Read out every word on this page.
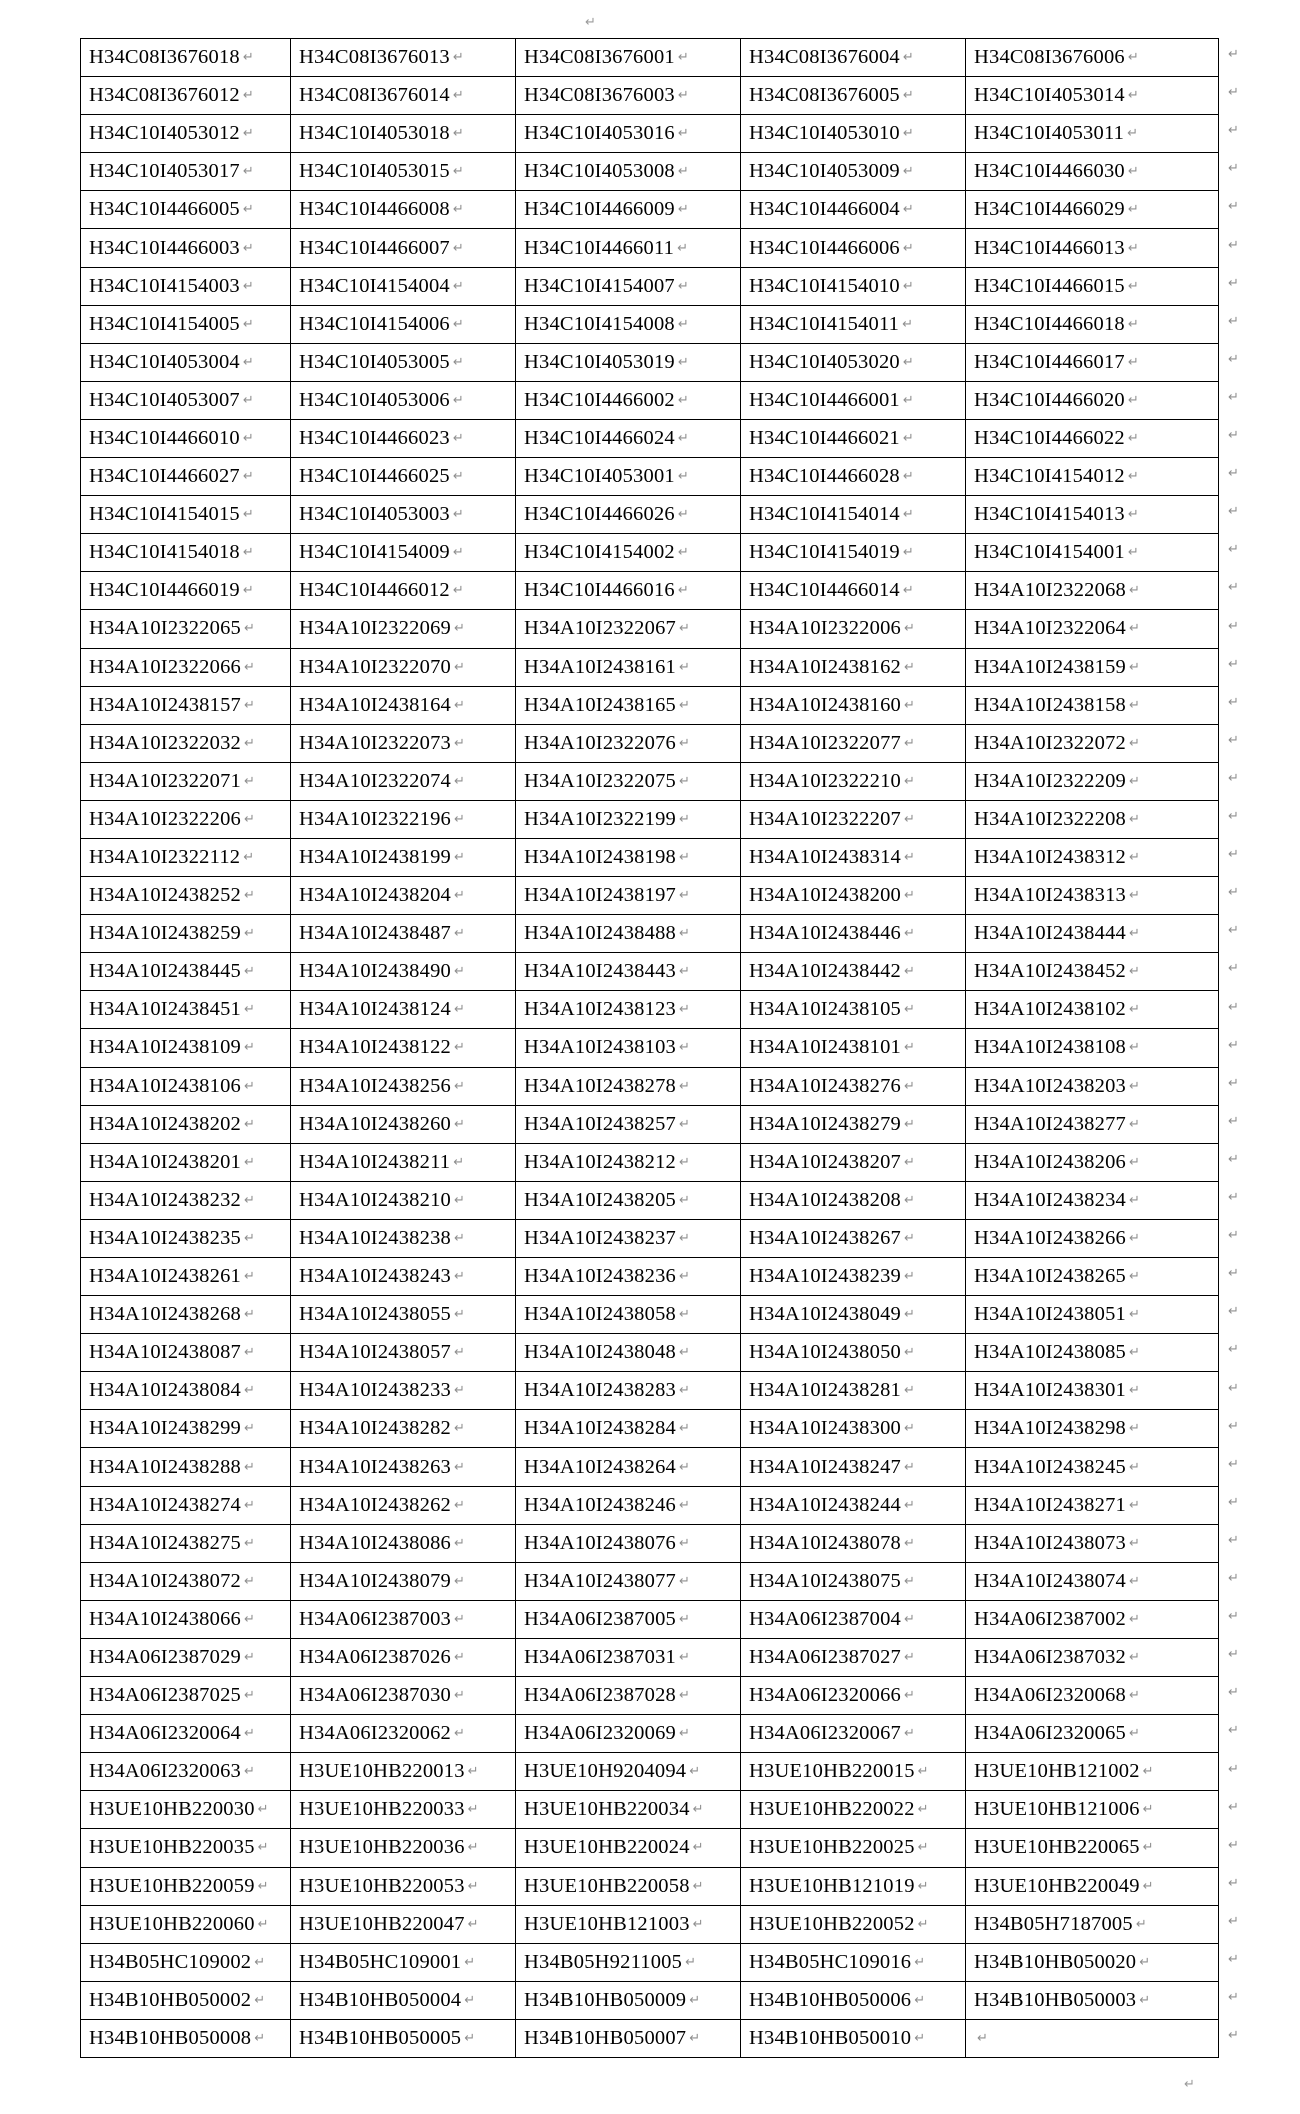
↵
H34C08I3676018 ↵	H34C08I3676013 ↵	H34C08I3676001 ↵	H34C08I3676004 ↵	H34C08I3676006 ↵
H34C08I3676012 ↵	H34C08I3676014 ↵	H34C08I3676003 ↵	H34C08I3676005 ↵	H34C10I4053014 ↵
H34C10I4053012 ↵	H34C10I4053018 ↵	H34C10I4053016 ↵	H34C10I4053010 ↵	H34C10I4053011 ↵
H34C10I4053017 ↵	H34C10I4053015 ↵	H34C10I4053008 ↵	H34C10I4053009 ↵	H34C10I4466030 ↵
H34C10I4466005 ↵	H34C10I4466008 ↵	H34C10I4466009 ↵	H34C10I4466004 ↵	H34C10I4466029 ↵
H34C10I4466003 ↵	H34C10I4466007 ↵	H34C10I4466011 ↵	H34C10I4466006 ↵	H34C10I4466013 ↵
H34C10I4154003 ↵	H34C10I4154004 ↵	H34C10I4154007 ↵	H34C10I4154010 ↵	H34C10I4466015 ↵
H34C10I4154005 ↵	H34C10I4154006 ↵	H34C10I4154008 ↵	H34C10I4154011 ↵	H34C10I4466018 ↵
H34C10I4053004 ↵	H34C10I4053005 ↵	H34C10I4053019 ↵	H34C10I4053020 ↵	H34C10I4466017 ↵
H34C10I4053007 ↵	H34C10I4053006 ↵	H34C10I4466002 ↵	H34C10I4466001 ↵	H34C10I4466020 ↵
H34C10I4466010 ↵	H34C10I4466023 ↵	H34C10I4466024 ↵	H34C10I4466021 ↵	H34C10I4466022 ↵
H34C10I4466027 ↵	H34C10I4466025 ↵	H34C10I4053001 ↵	H34C10I4466028 ↵	H34C10I4154012 ↵
H34C10I4154015 ↵	H34C10I4053003 ↵	H34C10I4466026 ↵	H34C10I4154014 ↵	H34C10I4154013 ↵
H34C10I4154018 ↵	H34C10I4154009 ↵	H34C10I4154002 ↵	H34C10I4154019 ↵	H34C10I4154001 ↵
H34C10I4466019 ↵	H34C10I4466012 ↵	H34C10I4466016 ↵	H34C10I4466014 ↵	H34A10I2322068 ↵
H34A10I2322065 ↵	H34A10I2322069 ↵	H34A10I2322067 ↵	H34A10I2322006 ↵	H34A10I2322064 ↵
H34A10I2322066 ↵	H34A10I2322070 ↵	H34A10I2438161 ↵	H34A10I2438162 ↵	H34A10I2438159 ↵
H34A10I2438157 ↵	H34A10I2438164 ↵	H34A10I2438165 ↵	H34A10I2438160 ↵	H34A10I2438158 ↵
H34A10I2322032 ↵	H34A10I2322073 ↵	H34A10I2322076 ↵	H34A10I2322077 ↵	H34A10I2322072 ↵
H34A10I2322071 ↵	H34A10I2322074 ↵	H34A10I2322075 ↵	H34A10I2322210 ↵	H34A10I2322209 ↵
H34A10I2322206 ↵	H34A10I2322196 ↵	H34A10I2322199 ↵	H34A10I2322207 ↵	H34A10I2322208 ↵
H34A10I2322112 ↵	H34A10I2438199 ↵	H34A10I2438198 ↵	H34A10I2438314 ↵	H34A10I2438312 ↵
H34A10I2438252 ↵	H34A10I2438204 ↵	H34A10I2438197 ↵	H34A10I2438200 ↵	H34A10I2438313 ↵
H34A10I2438259 ↵	H34A10I2438487 ↵	H34A10I2438488 ↵	H34A10I2438446 ↵	H34A10I2438444 ↵
H34A10I2438445 ↵	H34A10I2438490 ↵	H34A10I2438443 ↵	H34A10I2438442 ↵	H34A10I2438452 ↵
H34A10I2438451 ↵	H34A10I2438124 ↵	H34A10I2438123 ↵	H34A10I2438105 ↵	H34A10I2438102 ↵
H34A10I2438109 ↵	H34A10I2438122 ↵	H34A10I2438103 ↵	H34A10I2438101 ↵	H34A10I2438108 ↵
H34A10I2438106 ↵	H34A10I2438256 ↵	H34A10I2438278 ↵	H34A10I2438276 ↵	H34A10I2438203 ↵
H34A10I2438202 ↵	H34A10I2438260 ↵	H34A10I2438257 ↵	H34A10I2438279 ↵	H34A10I2438277 ↵
H34A10I2438201 ↵	H34A10I2438211 ↵	H34A10I2438212 ↵	H34A10I2438207 ↵	H34A10I2438206 ↵
H34A10I2438232 ↵	H34A10I2438210 ↵	H34A10I2438205 ↵	H34A10I2438208 ↵	H34A10I2438234 ↵
H34A10I2438235 ↵	H34A10I2438238 ↵	H34A10I2438237 ↵	H34A10I2438267 ↵	H34A10I2438266 ↵
H34A10I2438261 ↵	H34A10I2438243 ↵	H34A10I2438236 ↵	H34A10I2438239 ↵	H34A10I2438265 ↵
H34A10I2438268 ↵	H34A10I2438055 ↵	H34A10I2438058 ↵	H34A10I2438049 ↵	H34A10I2438051 ↵
H34A10I2438087 ↵	H34A10I2438057 ↵	H34A10I2438048 ↵	H34A10I2438050 ↵	H34A10I2438085 ↵
H34A10I2438084 ↵	H34A10I2438233 ↵	H34A10I2438283 ↵	H34A10I2438281 ↵	H34A10I2438301 ↵
H34A10I2438299 ↵	H34A10I2438282 ↵	H34A10I2438284 ↵	H34A10I2438300 ↵	H34A10I2438298 ↵
H34A10I2438288 ↵	H34A10I2438263 ↵	H34A10I2438264 ↵	H34A10I2438247 ↵	H34A10I2438245 ↵
H34A10I2438274 ↵	H34A10I2438262 ↵	H34A10I2438246 ↵	H34A10I2438244 ↵	H34A10I2438271 ↵
H34A10I2438275 ↵	H34A10I2438086 ↵	H34A10I2438076 ↵	H34A10I2438078 ↵	H34A10I2438073 ↵
H34A10I2438072 ↵	H34A10I2438079 ↵	H34A10I2438077 ↵	H34A10I2438075 ↵	H34A10I2438074 ↵
H34A10I2438066 ↵	H34A06I2387003 ↵	H34A06I2387005 ↵	H34A06I2387004 ↵	H34A06I2387002 ↵
H34A06I2387029 ↵	H34A06I2387026 ↵	H34A06I2387031 ↵	H34A06I2387027 ↵	H34A06I2387032 ↵
H34A06I2387025 ↵	H34A06I2387030 ↵	H34A06I2387028 ↵	H34A06I2320066 ↵	H34A06I2320068 ↵
H34A06I2320064 ↵	H34A06I2320062 ↵	H34A06I2320069 ↵	H34A06I2320067 ↵	H34A06I2320065 ↵
H34A06I2320063 ↵	H3UE10HB220013 ↵	H3UE10H9204094 ↵	H3UE10HB220015 ↵	H3UE10HB121002 ↵
H3UE10HB220030 ↵	H3UE10HB220033 ↵	H3UE10HB220034 ↵	H3UE10HB220022 ↵	H3UE10HB121006 ↵
H3UE10HB220035 ↵	H3UE10HB220036 ↵	H3UE10HB220024 ↵	H3UE10HB220025 ↵	H3UE10HB220065 ↵
H3UE10HB220059 ↵	H3UE10HB220053 ↵	H3UE10HB220058 ↵	H3UE10HB121019 ↵	H3UE10HB220049 ↵
H3UE10HB220060 ↵	H3UE10HB220047 ↵	H3UE10HB121003 ↵	H3UE10HB220052 ↵	H34B05H7187005 ↵
H34B05HC109002 ↵	H34B05HC109001 ↵	H34B05H9211005 ↵	H34B05HC109016 ↵	H34B10HB050020 ↵
H34B10HB050002 ↵	H34B10HB050004 ↵	H34B10HB050009 ↵	H34B10HB050006 ↵	H34B10HB050003 ↵
H34B10HB050008 ↵	H34B10HB050005 ↵	H34B10HB050007 ↵	H34B10HB050010 ↵	↵
↵
↵
↵
↵
↵
↵
↵
↵
↵
↵
↵
↵
↵
↵
↵
↵
↵
↵
↵
↵
↵
↵
↵
↵
↵
↵
↵
↵
↵
↵
↵
↵
↵
↵
↵
↵
↵
↵
↵
↵
↵
↵
↵
↵
↵
↵
↵
↵
↵
↵
↵
↵
↵
↵
